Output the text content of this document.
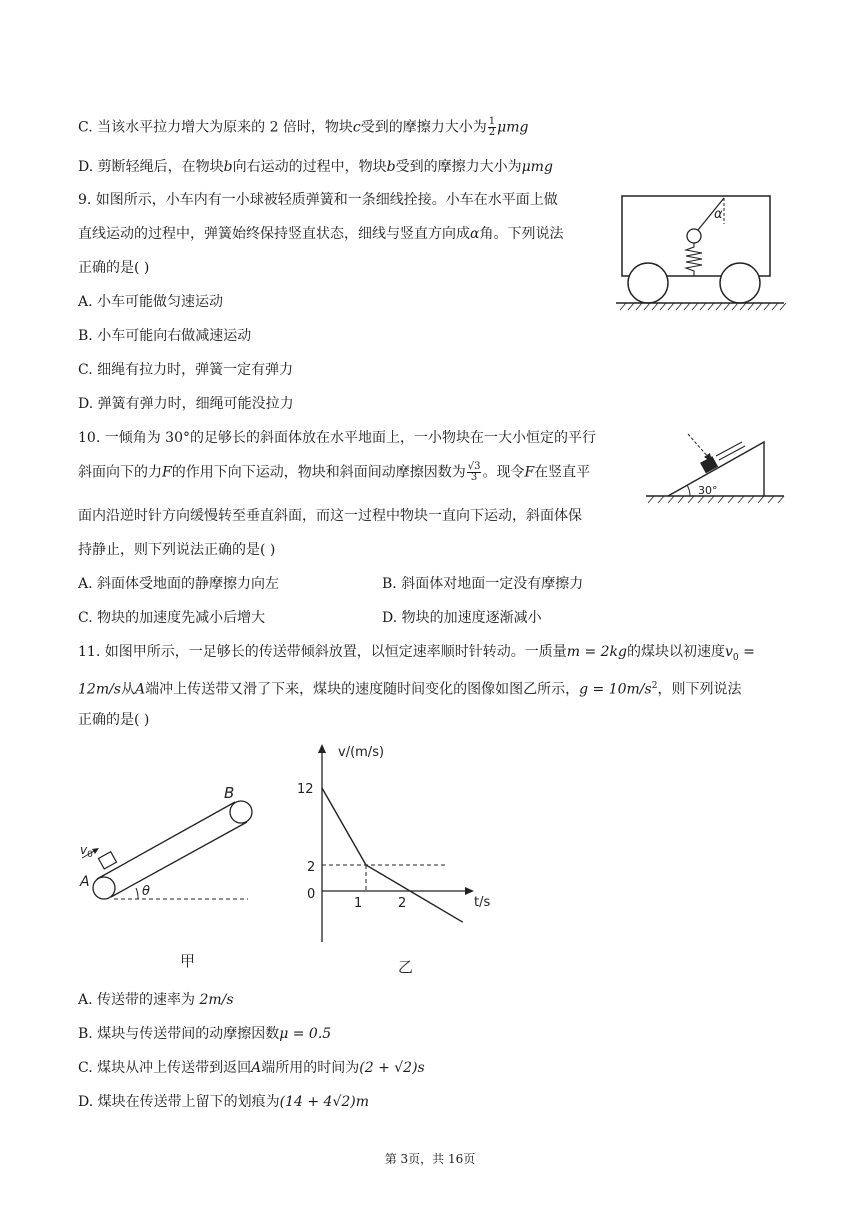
C. 当该水平拉力增大为原来的 2 倍时，物块c受到的摩擦力大小为 $\frac{1}{2}$ μmg
D. 剪断轻绳后，在物块b向右运动的过程中，物块b受到的摩擦力大小为μmg
9. 如图所示，小车内有一小球被轻质弹簧和一条细线拴接。小车在水平面上做
直线运动的过程中，弹簧始终保持竖直状态，细线与竖直方向成α角。下列说法
正确的是( )
A. 小车可能做匀速运动
B. 小车可能向右做减速运动
C. 细绳有拉力时，弹簧一定有弹力
D. 弹簧有弹力时，细绳可能没拉力
α
10. 一倾角为 30°的足够长的斜面体放在水平地面上，一小物块在一大小恒定的平行
斜面向下的力F的作用下向下运动，物块和斜面间动摩擦因数为 $\frac{√3}{3}$ 。现令F在竖直平
面内沿逆时针方向缓慢转至垂直斜面，而这一过程中物块一直向下运动，斜面体保
持静止，则下列说法正确的是( )
A. 斜面体受地面的静摩擦力向左	B. 斜面体对地面一定没有摩擦力
C. 物块的加速度先减小后增大	D. 物块的加速度逐渐减小
30°
11. 如图甲所示，一足够长的传送带倾斜放置，以恒定速率顺时针转动。一质量m = 2kg的煤块以初速度$v_0$ =
12m/s从A端冲上传送带又滑了下来，煤块的速度随时间变化的图像如图乙所示，$g = 10m/s^2$，则下列说法
正确的是( )
B
$v_0$
A
θ
甲
v/(m/s)
t/s
12
2
0
1	2
乙
A. 传送带的速率为 2m/s
B. 煤块与传送带间的动摩擦因数μ = 0.5
C. 煤块从冲上传送带到返回A端所用的时间为(2 + √2)s
D. 煤块在传送带上留下的划痕为(14 + 4√2)m
第 3页，共 16页
